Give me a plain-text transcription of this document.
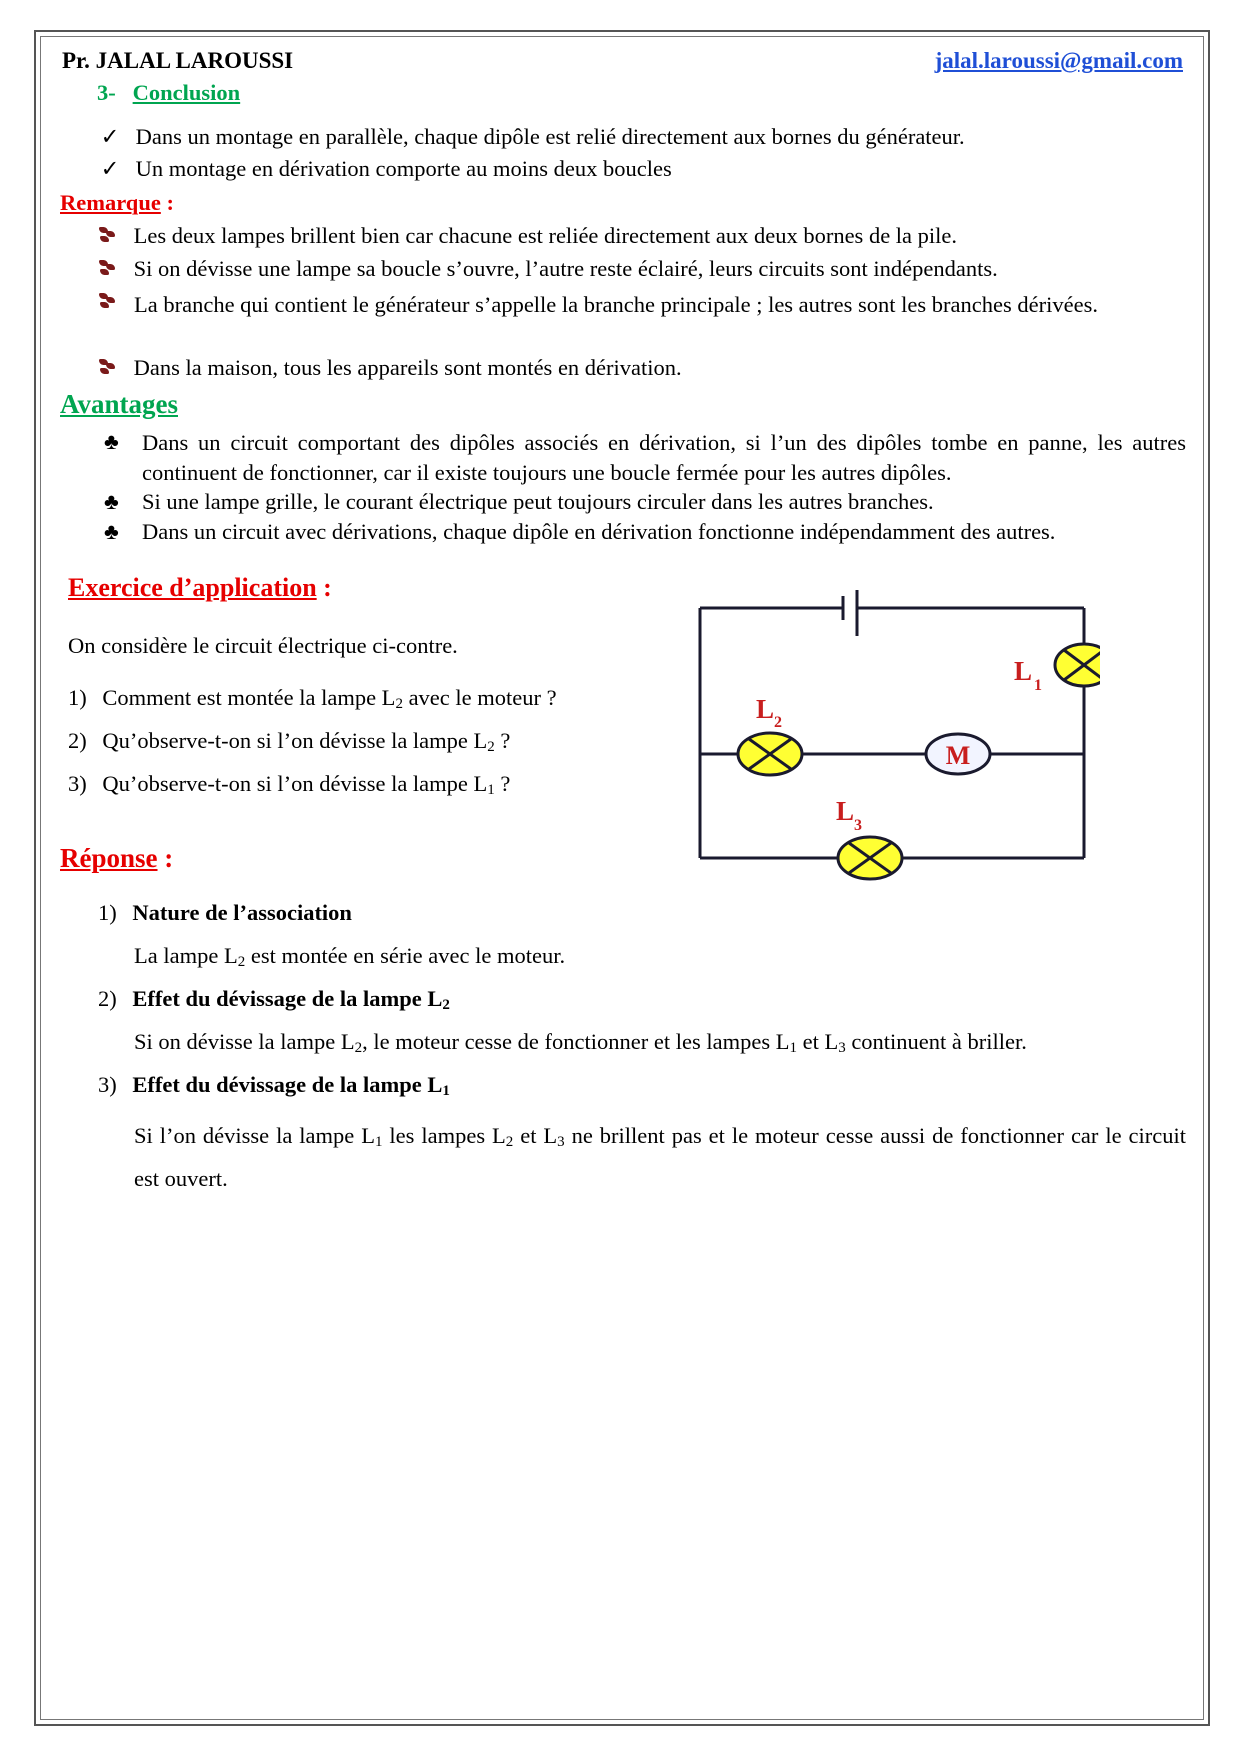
Pr. JALAL LAROUSSI	jalal.laroussi@gmail.com
3- Conclusion
✓ Dans un montage en parallèle, chaque dipôle est relié directement aux bornes du générateur.
✓ Un montage en dérivation comporte au moins deux boucles
Remarque :
Les deux lampes brillent bien car chacune est reliée directement aux deux bornes de la pile.
Si on dévisse une lampe sa boucle s’ouvre, l’autre reste éclairé, leurs circuits sont indépendants.
La branche qui contient le générateur s’appelle la branche principale ; les autres sont les branches dérivées.
Dans la maison, tous les appareils sont montés en dérivation.
Avantages
♣ Dans un circuit comportant des dipôles associés en dérivation, si l’un des dipôles tombe en panne, les autres continuent de fonctionner, car il existe toujours une boucle fermée pour les autres dipôles.
♣ Si une lampe grille, le courant électrique peut toujours circuler dans les autres branches.
♣ Dans un circuit avec dérivations, chaque dipôle en dérivation fonctionne indépendamment des autres.
Exercice d’application :
On considère le circuit électrique ci-contre.
1) Comment est montée la lampe $L_2$ avec le moteur ?
2) Qu’observe-t-on si l’on dévisse la lampe $L_2$ ?
3) Qu’observe-t-on si l’on dévisse la lampe $L_1$ ?
L 1
L 2
M
L 3
Réponse :
1) Nature de l’association
La lampe $L_2$ est montée en série avec le moteur.
2) Effet du dévissage de la lampe $L_2$
Si on dévisse la lampe $L_2$, le moteur cesse de fonctionner et les lampes $L_1$ et $L_3$ continuent à briller.
3) Effet du dévissage de la lampe $L_1$
Si l’on dévisse la lampe $L_1$ les lampes $L_2$ et $L_3$ ne brillent pas et le moteur cesse aussi de fonctionner car le circuit est ouvert.
